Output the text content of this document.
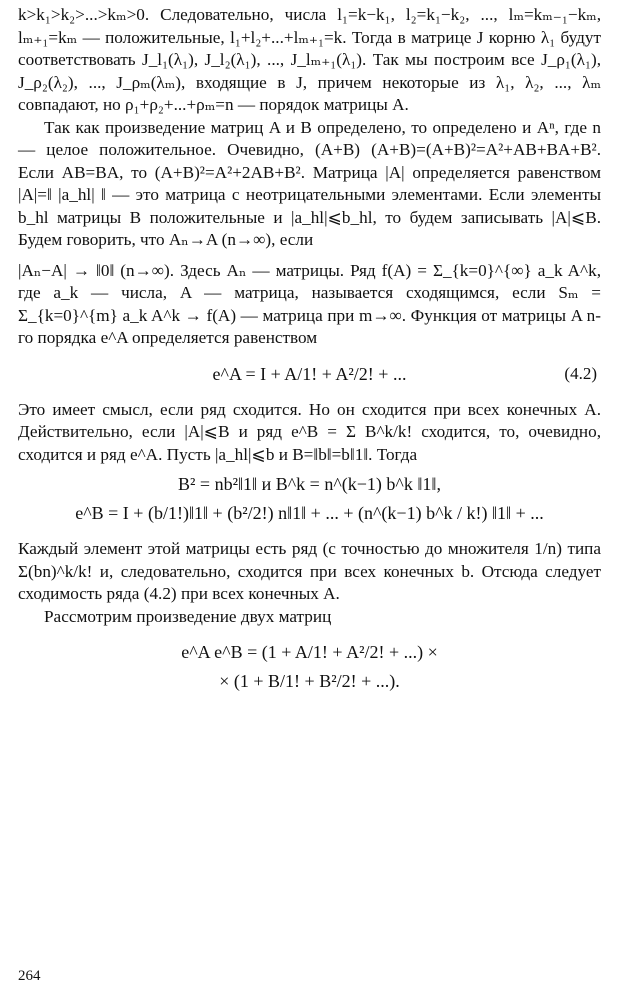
k>k₁>k₂>...>kₘ>0. Следовательно, числа l₁=k−k₁, l₂=k₁−k₂, ..., lₘ=kₘ₋₁−kₘ, lₘ₊₁=kₘ — положительные, l₁+l₂+...+lₘ₊₁=k. Тогда в матрице J корню λ₁ будут соответствовать J_l₁(λ₁), J_l₂(λ₁), ..., J_lₘ₊₁(λ₁). Так мы построим все J_ρ₁(λ₁), J_ρ₂(λ₂), ..., J_ρₘ(λₘ), входящие в J, причем некоторые из λ₁, λ₂, ..., λₘ совпадают, но ρ₁+ρ₂+...+ρₘ=n — порядок матрицы A.

Так как произведение матриц A и B определено, то определено и Aⁿ, где n — целое положительное. Очевидно, (A+B) (A+B)=(A+B)²=A²+AB+BA+B². Если AB=BA, то (A+B)²=A²+2AB+B². Матрица |A| определяется равенством |A|=‖ |a_hl| ‖ — это матрица с неотрицательными элементами. Если элементы b_hl матрицы B положительные и |a_hl|⩽b_hl, то будем записывать |A|⩽B. Будем говорить, что Aₙ→A (n→∞), если

|Aₙ−A| → ‖0‖ (n→∞). Здесь Aₙ — матрицы. Ряд f(A) = Σ_{k=0}^{∞} a_k A^k, где a_k — числа, A — матрица, называется сходящимся, если Sₘ = Σ_{k=0}^{m} a_k A^k → f(A) — матрица при m→∞. Функция от матрицы A n-го порядка e^A определяется равенством

e^A = I + A/1! + A²/2! + ...	(4.2)

Это имеет смысл, если ряд сходится. Но он сходится при всех конечных A. Действительно, если |A|⩽B и ряд e^B = Σ B^k/k! сходится, то, очевидно, сходится и ряд e^A. Пусть |a_hl|⩽b и B=‖b‖=b‖1‖. Тогда

B² = nb²‖1‖ и B^k = n^(k−1) b^k ‖1‖,
e^B = I + (b/1!)‖1‖ + (b²/2!) n‖1‖ + ... + (n^(k−1) b^k / k!) ‖1‖ + ...

Каждый элемент этой матрицы есть ряд (с точностью до множителя 1/n) типа Σ(bn)^k/k! и, следовательно, сходится при всех конечных b. Отсюда следует сходимость ряда (4.2) при всех конечных A.

Рассмотрим произведение двух матриц

e^A e^B = (1 + A/1! + A²/2! + ...) ×
× (1 + B/1! + B²/2! + ...).
264
